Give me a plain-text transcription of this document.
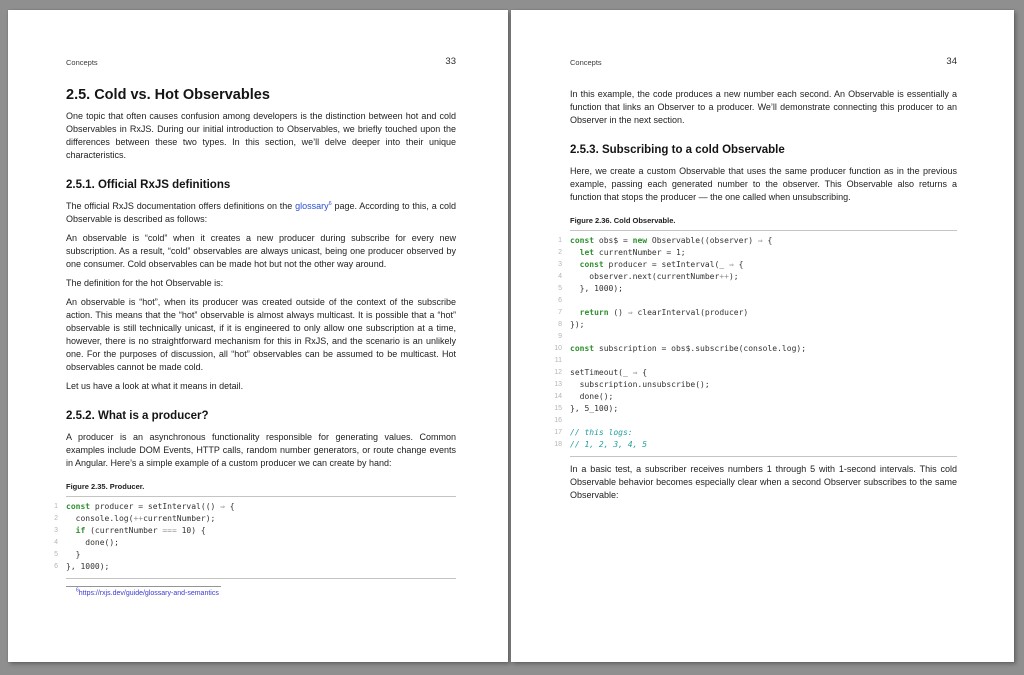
Concepts	33
2.5. Cold vs. Hot Observables

One topic that often causes confusion among developers is the distinction between hot and cold Observables in RxJS. During our initial introduction to Observables, we briefly touched upon the differences between these two types. In this section, we’ll delve deeper into their unique characteristics.

2.5.1. Official RxJS definitions

The official RxJS documentation offers definitions on the glossary$^6$ page. According to this, a cold Observable is described as follows:

An observable is “cold” when it creates a new producer during subscribe for every new subscription. As a result, “cold” observables are always unicast, being one producer observed by one consumer. Cold observables can be made hot but not the other way around.

The definition for the hot Observable is:

An observable is “hot”, when its producer was created outside of the context of the subscribe action. This means that the “hot” observable is almost always multicast. It is possible that a “hot” observable is still technically unicast, if it is engineered to only allow one subscription at a time, however, there is no straightforward mechanism for this in RxJS, and the scenario is an unlikely one. For the purposes of discussion, all “hot” observables can be assumed to be multicast. Hot observables cannot be made cold.

Let us have a look at what it means in detail.

2.5.2. What is a producer?

A producer is an asynchronous functionality responsible for generating values. Common examples include DOM Events, HTTP calls, random number generators, or route change events in Angular. Here’s a simple example of a custom producer we can create by hand:

Figure 2.35. Producer.
1 const producer = setInterval(() ⇒ {
2 console.log(++currentNumber);
3	if (currentNumber === 10) {
4 done();
5 }
6 }, 1000);
$^6$https://rxjs.dev/guide/glossary-and-semantics
Concepts	34

In this example, the code produces a new number each second. An Observable is essentially a function that links an Observer to a producer. We’ll demonstrate connecting this producer to an Observer in the next section.

2.5.3. Subscribing to a cold Observable

Here, we create a custom Observable that uses the same producer function as in the previous example, passing each generated number to the observer. This Observable also returns a function that stops the producer — the one called when unsubscribing.

Figure 2.36. Cold Observable.
1 const obs$ = new Observable((observer) ⇒ {
2	let currentNumber = 1;
3	const producer = setInterval(_ ⇒ {
4 observer.next(currentNumber++);
5 }, 1000);
6

7	return () ⇒ clearInterval(producer)
8 });
9

10 const subscription = obs$.subscribe(console.log);
11

12 setTimeout(_ ⇒ {
13 subscription.unsubscribe();
14 done();
15 }, 5_100);
16

17 // this logs:
18 // 1, 2, 3, 4, 5

In a basic test, a subscriber receives numbers 1 through 5 with 1-second intervals. This cold Observable behavior becomes especially clear when a second Observer subscribes to the same Observable:
